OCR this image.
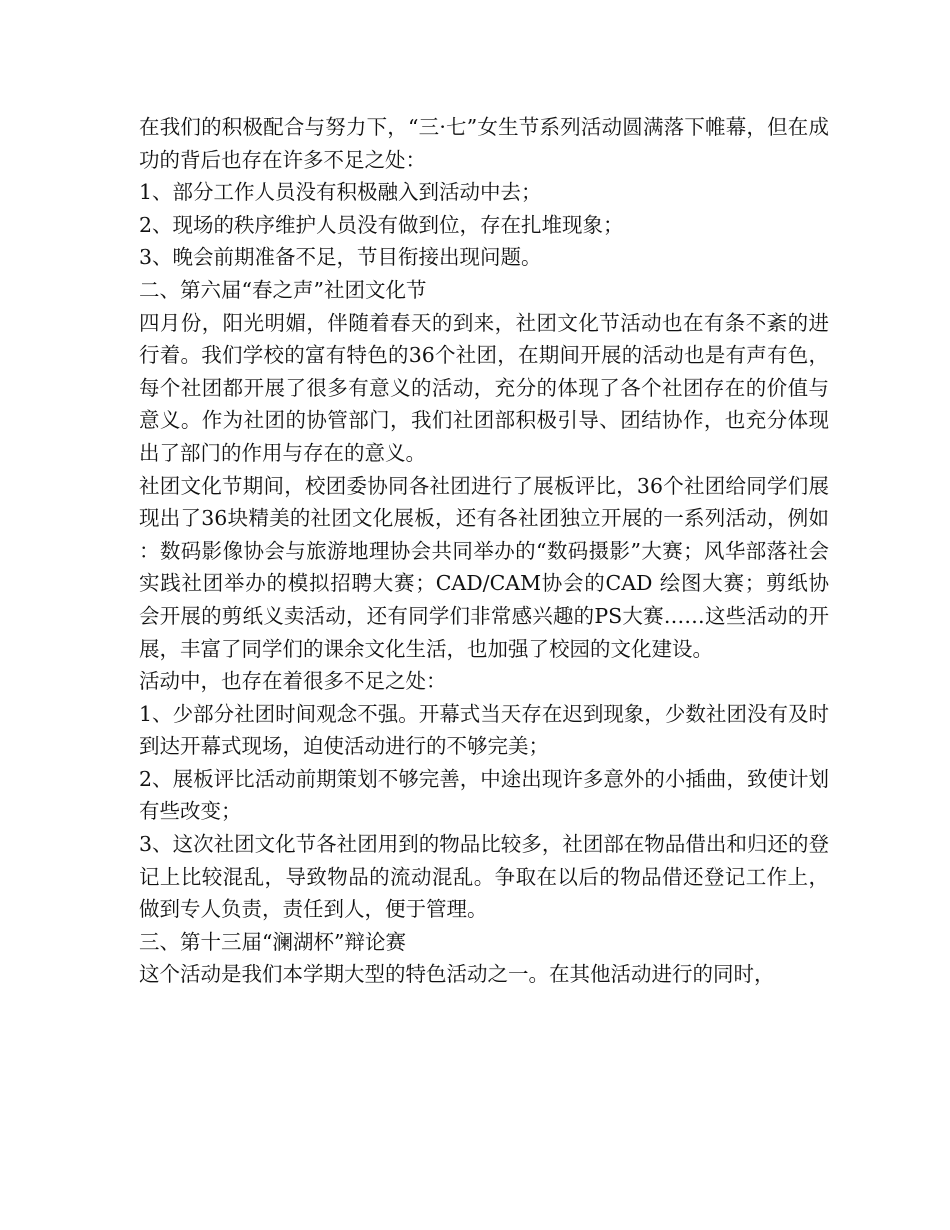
在我们的积极配合与努力下，“三·七”女生节系列活动圆满落下帷幕，但在成功的背后也存在许多不足之处：

1、部分工作人员没有积极融入到活动中去；

2、现场的秩序维护人员没有做到位，存在扎堆现象；

3、晚会前期准备不足，节目衔接出现问题。

二、第六届“春之声”社团文化节

四月份，阳光明媚，伴随着春天的到来，社团文化节活动也在有条不紊的进行着。我们学校的富有特色的36个社团，在期间开展的活动也是有声有色，每个社团都开展了很多有意义的活动，充分的体现了各个社团存在的价值与意义。作为社团的协管部门，我们社团部积极引导、团结协作，也充分体现出了部门的作用与存在的意义。

社团文化节期间，校团委协同各社团进行了展板评比，36个社团给同学们展现出了36块精美的社团文化展板，还有各社团独立开展的一系列活动，例如：数码影像协会与旅游地理协会共同举办的“数码摄影”大赛；风华部落社会实践社团举办的模拟招聘大赛；CAD/CAM协会的CAD 绘图大赛；剪纸协会开展的剪纸义卖活动，还有同学们非常感兴趣的PS大赛……这些活动的开展，丰富了同学们的课余文化生活，也加强了校园的文化建设。

活动中，也存在着很多不足之处：

1、少部分社团时间观念不强。开幕式当天存在迟到现象，少数社团没有及时到达开幕式现场，迫使活动进行的不够完美；

2、展板评比活动前期策划不够完善，中途出现许多意外的小插曲，致使计划有些改变；

3、这次社团文化节各社团用到的物品比较多，社团部在物品借出和归还的登记上比较混乱，导致物品的流动混乱。争取在以后的物品借还登记工作上，做到专人负责，责任到人，便于管理。

三、第十三届“澜湖杯”辩论赛

这个活动是我们本学期大型的特色活动之一。在其他活动进行的同时，
